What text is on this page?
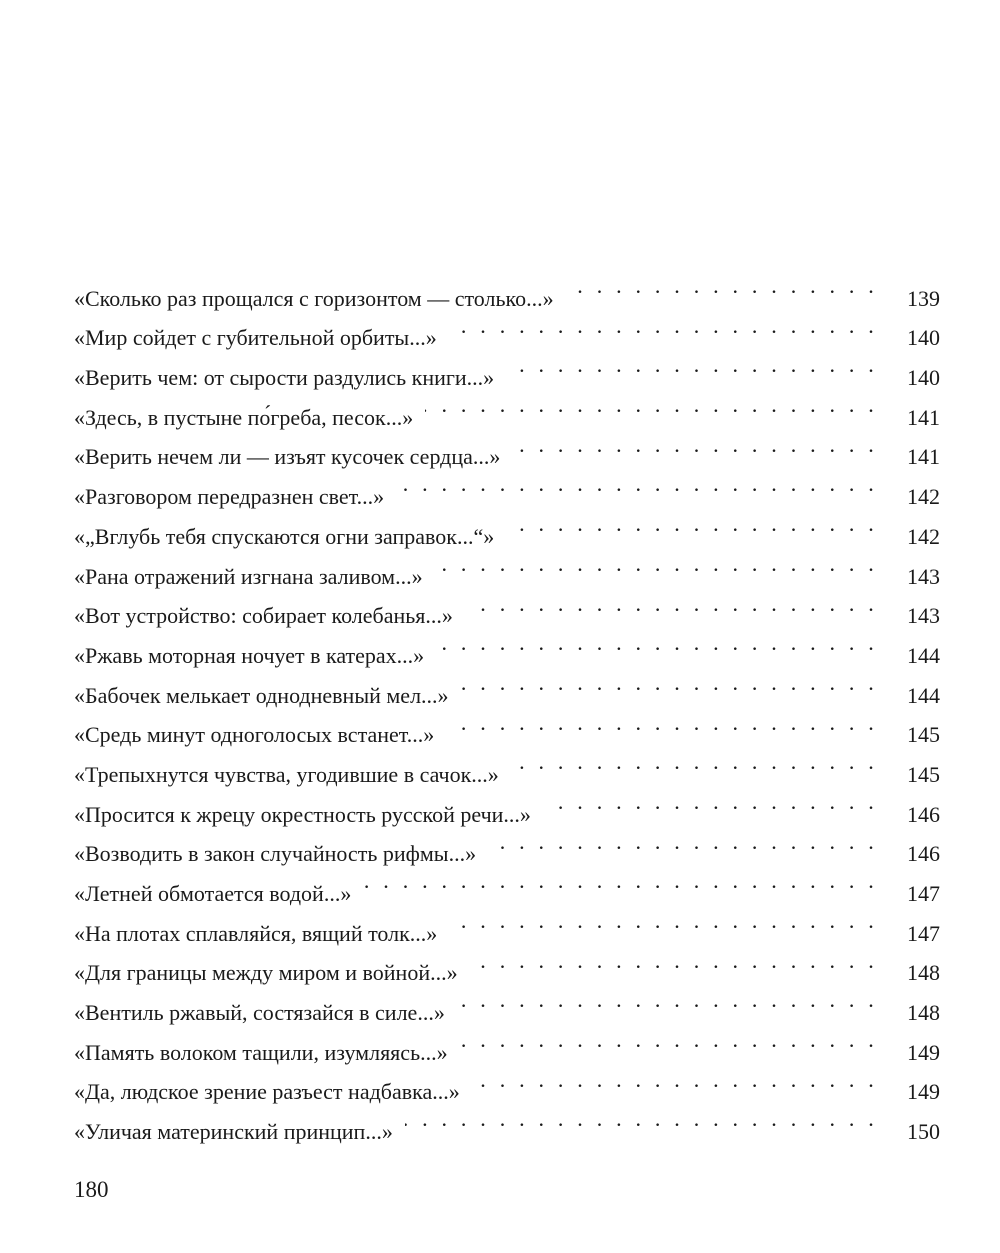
«Сколько раз прощался с горизонтом — столько...» . . .	139
«Мир сойдет с губительной орбиты...» . . .	140
«Верить чем: от сырости раздулись книги...» . . .	140
«Здесь, в пустыне по́греба, песок...» . . .	141
«Верить нечем ли — изъят кусочек сердца...» . . .	141
«Разговором передразнен свет...» . . .	142
«„Вглубь тебя спускаются огни заправок...“» . . .	142
«Рана отражений изгнана заливом...» . . .	143
«Вот устройство: собирает колебанья...» . . .	143
«Ржавь моторная ночует в катерах...» . . .	144
«Бабочек мелькает однодневный мел...» . . .	144
«Средь минут одноголосых встанет...» . . .	145
«Трепыхнутся чувства, угодившие в сачок...» . . .	145
«Просится к жрецу окрестность русской речи...» . . .	146
«Возводить в закон случайность рифмы...» . . .	146
«Летней обмотается водой...» . . .	147
«На плотах сплавляйся, вящий толк...» . . .	147
«Для границы между миром и войной...» . . .	148
«Вентиль ржавый, состязайся в силе...» . . .	148
«Память волоком тащили, изумляясь...» . . .	149
«Да, людское зрение разъест надбавка...» . . .	149
«Уличая материнский принцип...» . . .	150
180
